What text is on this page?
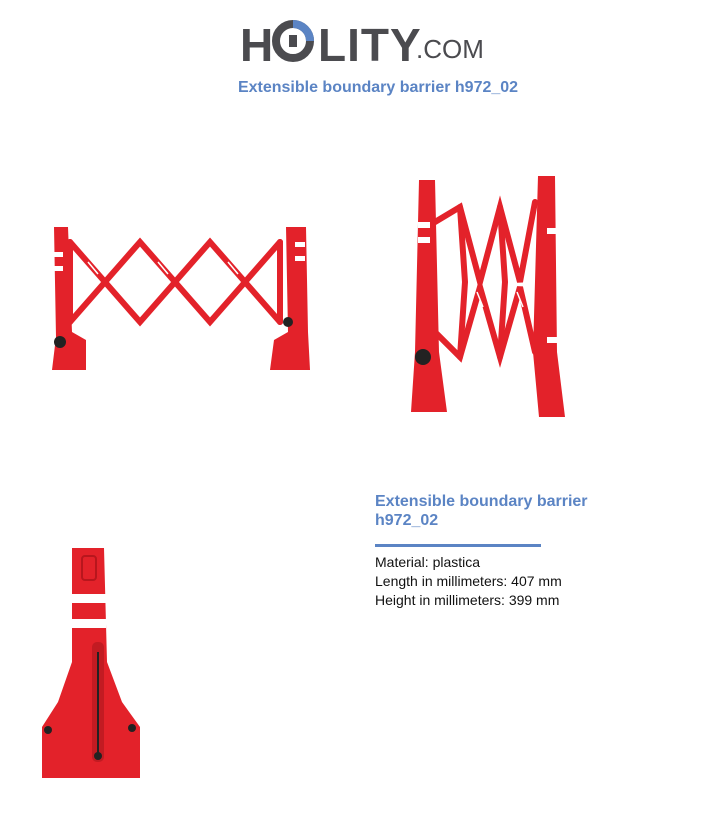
H LITY
.COM
Extensible boundary barrier h972_02
Extensible boundary barrier h972_02
Material: plastica
Length in millimeters: 407 mm
Height in millimeters: 399 mm
